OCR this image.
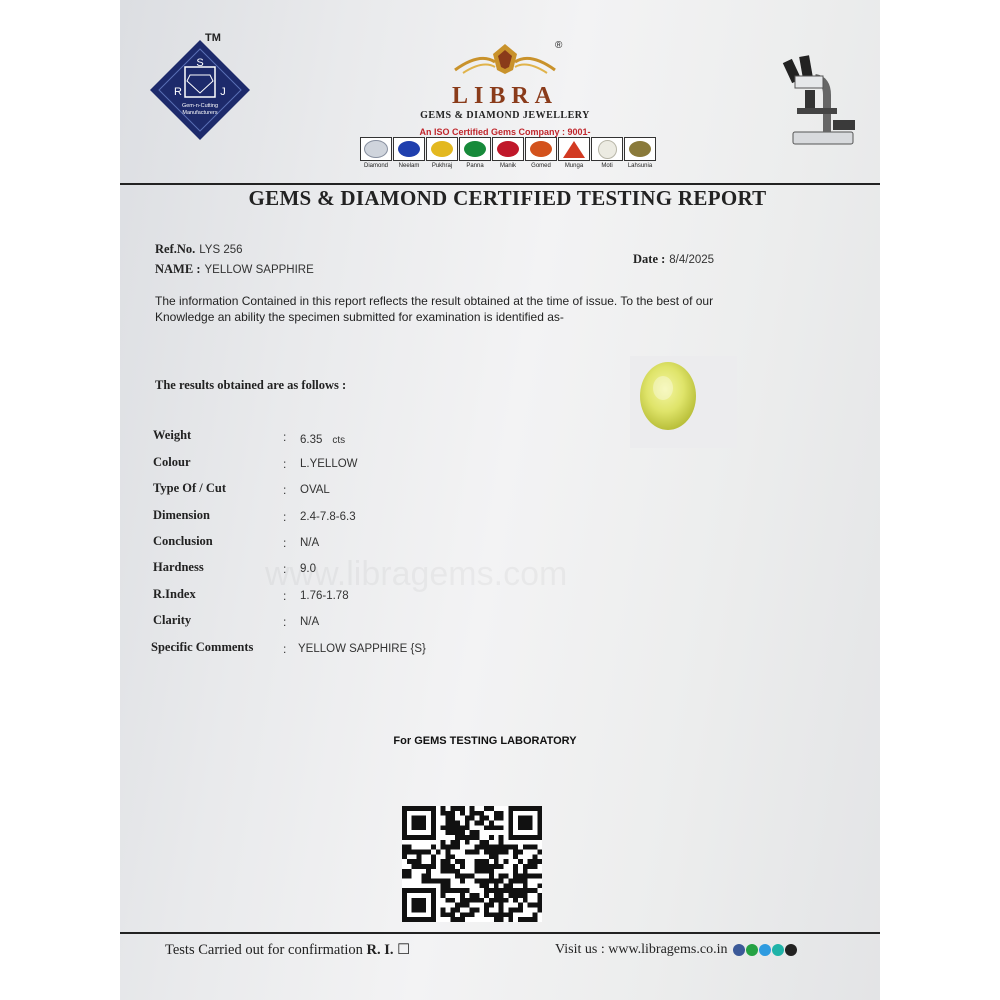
S
R	J
Gem-n-Cutting
Manufacturers
TM
®
LIBRA
GEMS & DIAMOND JEWELLERY
An ISO Certified Gems Company : 9001-
Diamond Neelam Pukhraj Panna	Manik	Gomed Munga	Moti	Lahsunia
GEMS & DIAMOND CERTIFIED TESTING REPORT
Ref.No. LYS 256
NAME : YELLOW SAPPHIRE
Date : 8/4/2025
The information Contained in this report reflects the result obtained at the time of issue. To the best of our Knowledge an ability the specimen submitted for examination is identified as-
The results obtained are as follows :
Weight	: 6.35 cts
Colour	: L.YELLOW
Type Of / Cut	: OVAL
Dimension	: 2.4-7.8-6.3
Conclusion	: N/A
Hardness	: 9.0
R.Index	: 1.76-1.78
Clarity	: N/A
Specific Comments : YELLOW SAPPHIRE {S}
For GEMS TESTING LABORATORY
Tests Carried out for confirmation R. I. ☐	Visit us : www.libragems.co.in
